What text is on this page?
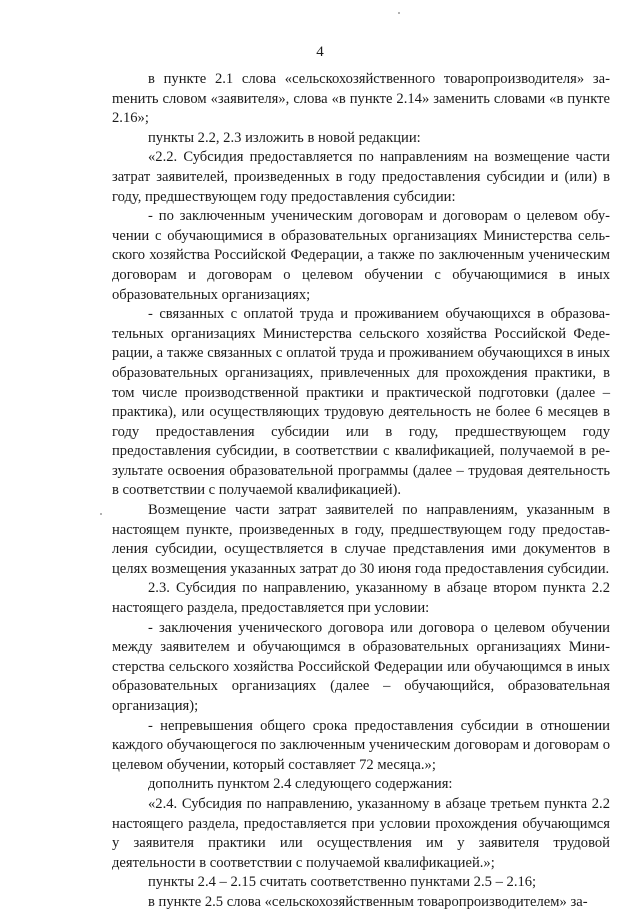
4

в пункте 2.1 слова «сельскохозяйственного товаропроизводителя» заmенить словом «заявителя», слова «в пункте 2.14» заменить словами «в пункте 2.16»;

пункты 2.2, 2.3 изложить в новой редакции:

«2.2. Субсидия предоставляется по направлениям на возмещение части затрат заявителей, произведенных в году предоставления субсидии и (или) в году, предшествующем году предоставления субсидии:

- по заключенным ученическим договорам и договорам о целевом обучении с обучающимися в образовательных организациях Министерства сельского хозяйства Российской Федерации, а также по заключенным ученическим договорам и договорам о целевом обучении с обучающимися в иных образовательных организациях;

- связанных с оплатой труда и проживанием обучающихся в образовательных организациях Министерства сельского хозяйства Российской Федерации, а также связанных с оплатой труда и проживанием обучающихся в иных образовательных организациях, привлеченных для прохождения практики, в том числе производственной практики и практической подготовки (далее – практика), или осуществляющих трудовую деятельность не более 6 месяцев в году предоставления субсидии или в году, предшествующем году предоставления субсидии, в соответствии с квалификацией, получаемой в результате освоения образовательной программы (далее – трудовая деятельность в соответствии с получаемой квалификацией).

Возмещение части затрат заявителей по направлениям, указанным в настоящем пункте, произведенных в году, предшествующем году предоставления субсидии, осуществляется в случае представления ими документов в целях возмещения указанных затрат до 30 июня года предоставления субсидии.

2.3. Субсидия по направлению, указанному в абзаце втором пункта 2.2 настоящего раздела, предоставляется при условии:

- заключения ученического договора или договора о целевом обучении между заявителем и обучающимся в образовательных организациях Министерства сельского хозяйства Российской Федерации или обучающимся в иных образовательных организациях (далее – обучающийся, образовательная организация);

- непревышения общего срока предоставления субсидии в отношении каждого обучающегося по заключенным ученическим договорам и договорам о целевом обучении, который составляет 72 месяца.»;

дополнить пунктом 2.4 следующего содержания:

«2.4. Субсидия по направлению, указанному в абзаце третьем пункта 2.2 настоящего раздела, предоставляется при условии прохождения обучающимся у заявителя практики или осуществления им у заявителя трудовой деятельности в соответствии с получаемой квалификацией.»;

пункты 2.4 – 2.15 считать соответственно пунктами 2.5 – 2.16;

в пункте 2.5 слова «сельскохозяйственным товаропроизводителем» за-
